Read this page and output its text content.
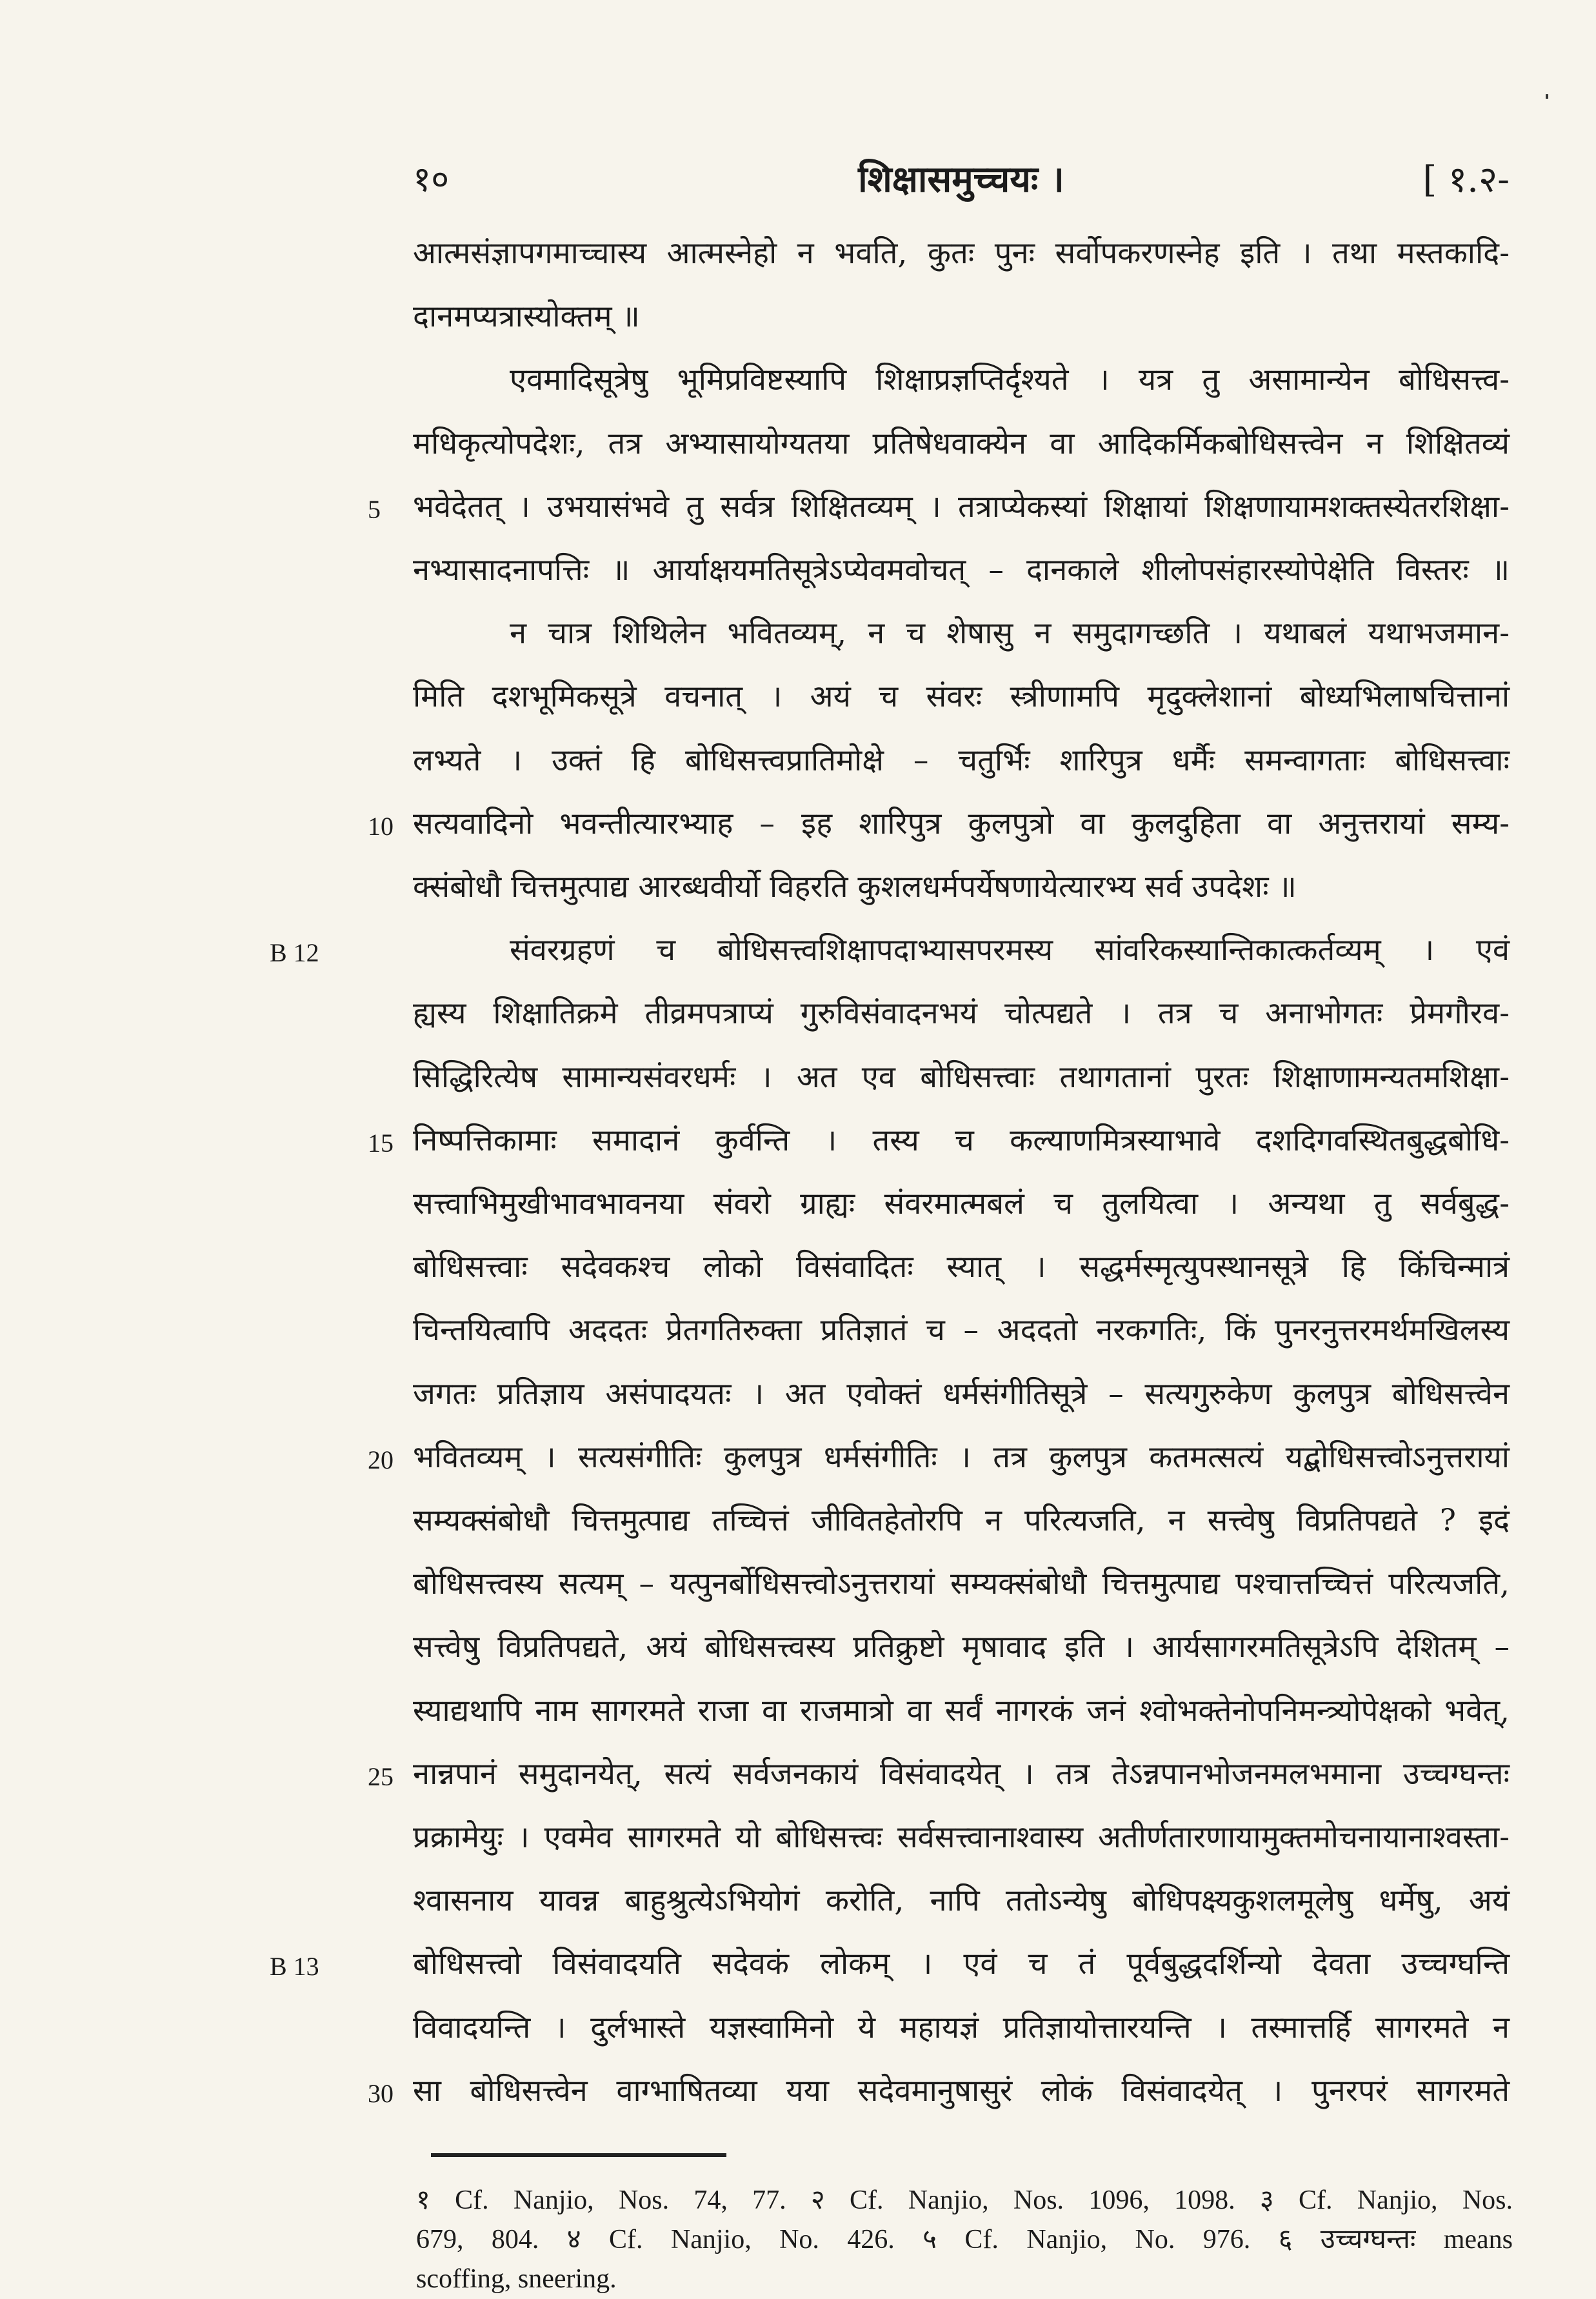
१०	शिक्षासमुच्चयः ।	[ १.२-
आत्मसंज्ञापगमाच्चास्य आत्मस्नेहो न भवति, कुतः पुनः सर्वोपकरणस्नेह इति । तथा मस्तकादि-
दानमप्यत्रास्योक्तम् ॥
एवमादिसूत्रेषु भूमिप्रविष्टस्यापि शिक्षाप्रज्ञप्तिर्दृश्यते । यत्र तु असामान्येन बोधिसत्त्व-
मधिकृत्योपदेशः, तत्र अभ्यासायोग्यतया प्रतिषेधवाक्येन वा आदिकर्मिकबोधिसत्त्वेन न शिक्षितव्यं
भवेदेतत् । उभयासंभवे तु सर्वत्र शिक्षितव्यम् । तत्राप्येकस्यां शिक्षायां शिक्षणायामशक्तस्येतरशिक्षा-
5
नभ्यासादनापत्तिः ॥ आर्याक्षयमतिसूत्रेऽप्येवमवोचत् – दानकाले शीलोपसंहारस्योपेक्षेति विस्तरः ॥
न चात्र शिथिलेन भवितव्यम्, न च शेषासु न समुदागच्छति । यथाबलं यथाभजमान-
मिति दशभूमिकसूत्रे वचनात् । अयं च संवरः स्त्रीणामपि मृदुक्लेशानां बोध्यभिलाषचित्तानां
लभ्यते । उक्तं हि बोधिसत्त्वप्रातिमोक्षे – चतुर्भिः शारिपुत्र धर्मैः समन्वागताः बोधिसत्त्वाः
सत्यवादिनो भवन्तीत्यारभ्याह – इह शारिपुत्र कुलपुत्रो वा कुलदुहिता वा अनुत्तरायां सम्य-
10
क्संबोधौ चित्तमुत्पाद्य आरब्धवीर्यो विहरति कुशलधर्मपर्येषणायेत्यारभ्य सर्व उपदेशः ॥
संवरग्रहणं च बोधिसत्त्वशिक्षापदाभ्यासपरमस्य सांवरिकस्यान्तिकात्कर्तव्यम् । एवं
B 12
ह्यस्य शिक्षातिक्रमे तीव्रमपत्राप्यं गुरुविसंवादनभयं चोत्पद्यते । तत्र च अनाभोगतः प्रेमगौरव-
सिद्धिरित्येष सामान्यसंवरधर्मः । अत एव बोधिसत्त्वाः तथागतानां पुरतः शिक्षाणामन्यतमशिक्षा-
निष्पत्तिकामाः समादानं कुर्वन्ति । तस्य च कल्याणमित्रस्याभावे दशदिगवस्थितबुद्धबोधि-
15
सत्त्वाभिमुखीभावभावनया संवरो ग्राह्यः संवरमात्मबलं च तुलयित्वा । अन्यथा तु सर्वबुद्ध-
बोधिसत्त्वाः सदेवकश्च लोको विसंवादितः स्यात् । सद्धर्मस्मृत्युपस्थानसूत्रे हि किंचिन्मात्रं
चिन्तयित्वापि अददतः प्रेतगतिरुक्ता प्रतिज्ञातं च – अददतो नरकगतिः, किं पुनरनुत्तरमर्थमखिलस्य
जगतः प्रतिज्ञाय असंपादयतः । अत एवोक्तं धर्मसंगीतिसूत्रे – सत्यगुरुकेण कुलपुत्र बोधिसत्त्वेन
भवितव्यम् । सत्यसंगीतिः कुलपुत्र धर्मसंगीतिः । तत्र कुलपुत्र कतमत्सत्यं यद्बोधिसत्त्वोऽनुत्तरायां
20
सम्यक्संबोधौ चित्तमुत्पाद्य तच्चित्तं जीवितहेतोरपि न परित्यजति, न सत्त्वेषु विप्रतिपद्यते ? इदं
बोधिसत्त्वस्य सत्यम् – यत्पुनर्बोधिसत्त्वोऽनुत्तरायां सम्यक्संबोधौ चित्तमुत्पाद्य पश्चात्तच्चित्तं परित्यजति,
सत्त्वेषु विप्रतिपद्यते, अयं बोधिसत्त्वस्य प्रतिक्रुष्टो मृषावाद इति । आर्यसागरमतिसूत्रेऽपि देशितम् –
स्याद्यथापि नाम सागरमते राजा वा राजमात्रो वा सर्वं नागरकं जनं श्वोभक्तेनोपनिमन्त्र्योपेक्षको भवेत्,
नान्नपानं समुदानयेत्, सत्यं सर्वजनकायं विसंवादयेत् । तत्र तेऽन्नपानभोजनमलभमाना उच्चग्घन्तः
25
प्रक्रामेयुः । एवमेव सागरमते यो बोधिसत्त्वः सर्वसत्त्वानाश्वास्य अतीर्णतारणायामुक्तमोचनायानाश्वस्ता-
श्वासनाय यावन्न बाहुश्रुत्येऽभियोगं करोति, नापि ततोऽन्येषु बोधिपक्ष्यकुशलमूलेषु धर्मेषु, अयं
बोधिसत्त्वो विसंवादयति सदेवकं लोकम् । एवं च तं पूर्वबुद्धदर्शिन्यो देवता उच्चग्घन्ति
B 13
विवादयन्ति । दुर्लभास्ते यज्ञस्वामिनो ये महायज्ञं प्रतिज्ञायोत्तारयन्ति । तस्मात्तर्हि सागरमते न
सा बोधिसत्त्वेन वाग्भाषितव्या यया सदेवमानुषासुरं लोकं विसंवादयेत् । पुनरपरं सागरमते
30
१ Cf. Nanjio, Nos. 74, 77. २ Cf. Nanjio, Nos. 1096, 1098. ३ Cf. Nanjio, Nos.
679, 804. ४ Cf. Nanjio, No. 426. ५ Cf. Nanjio, No. 976. ६ उच्चग्घन्तः means
scoffing, sneering.
